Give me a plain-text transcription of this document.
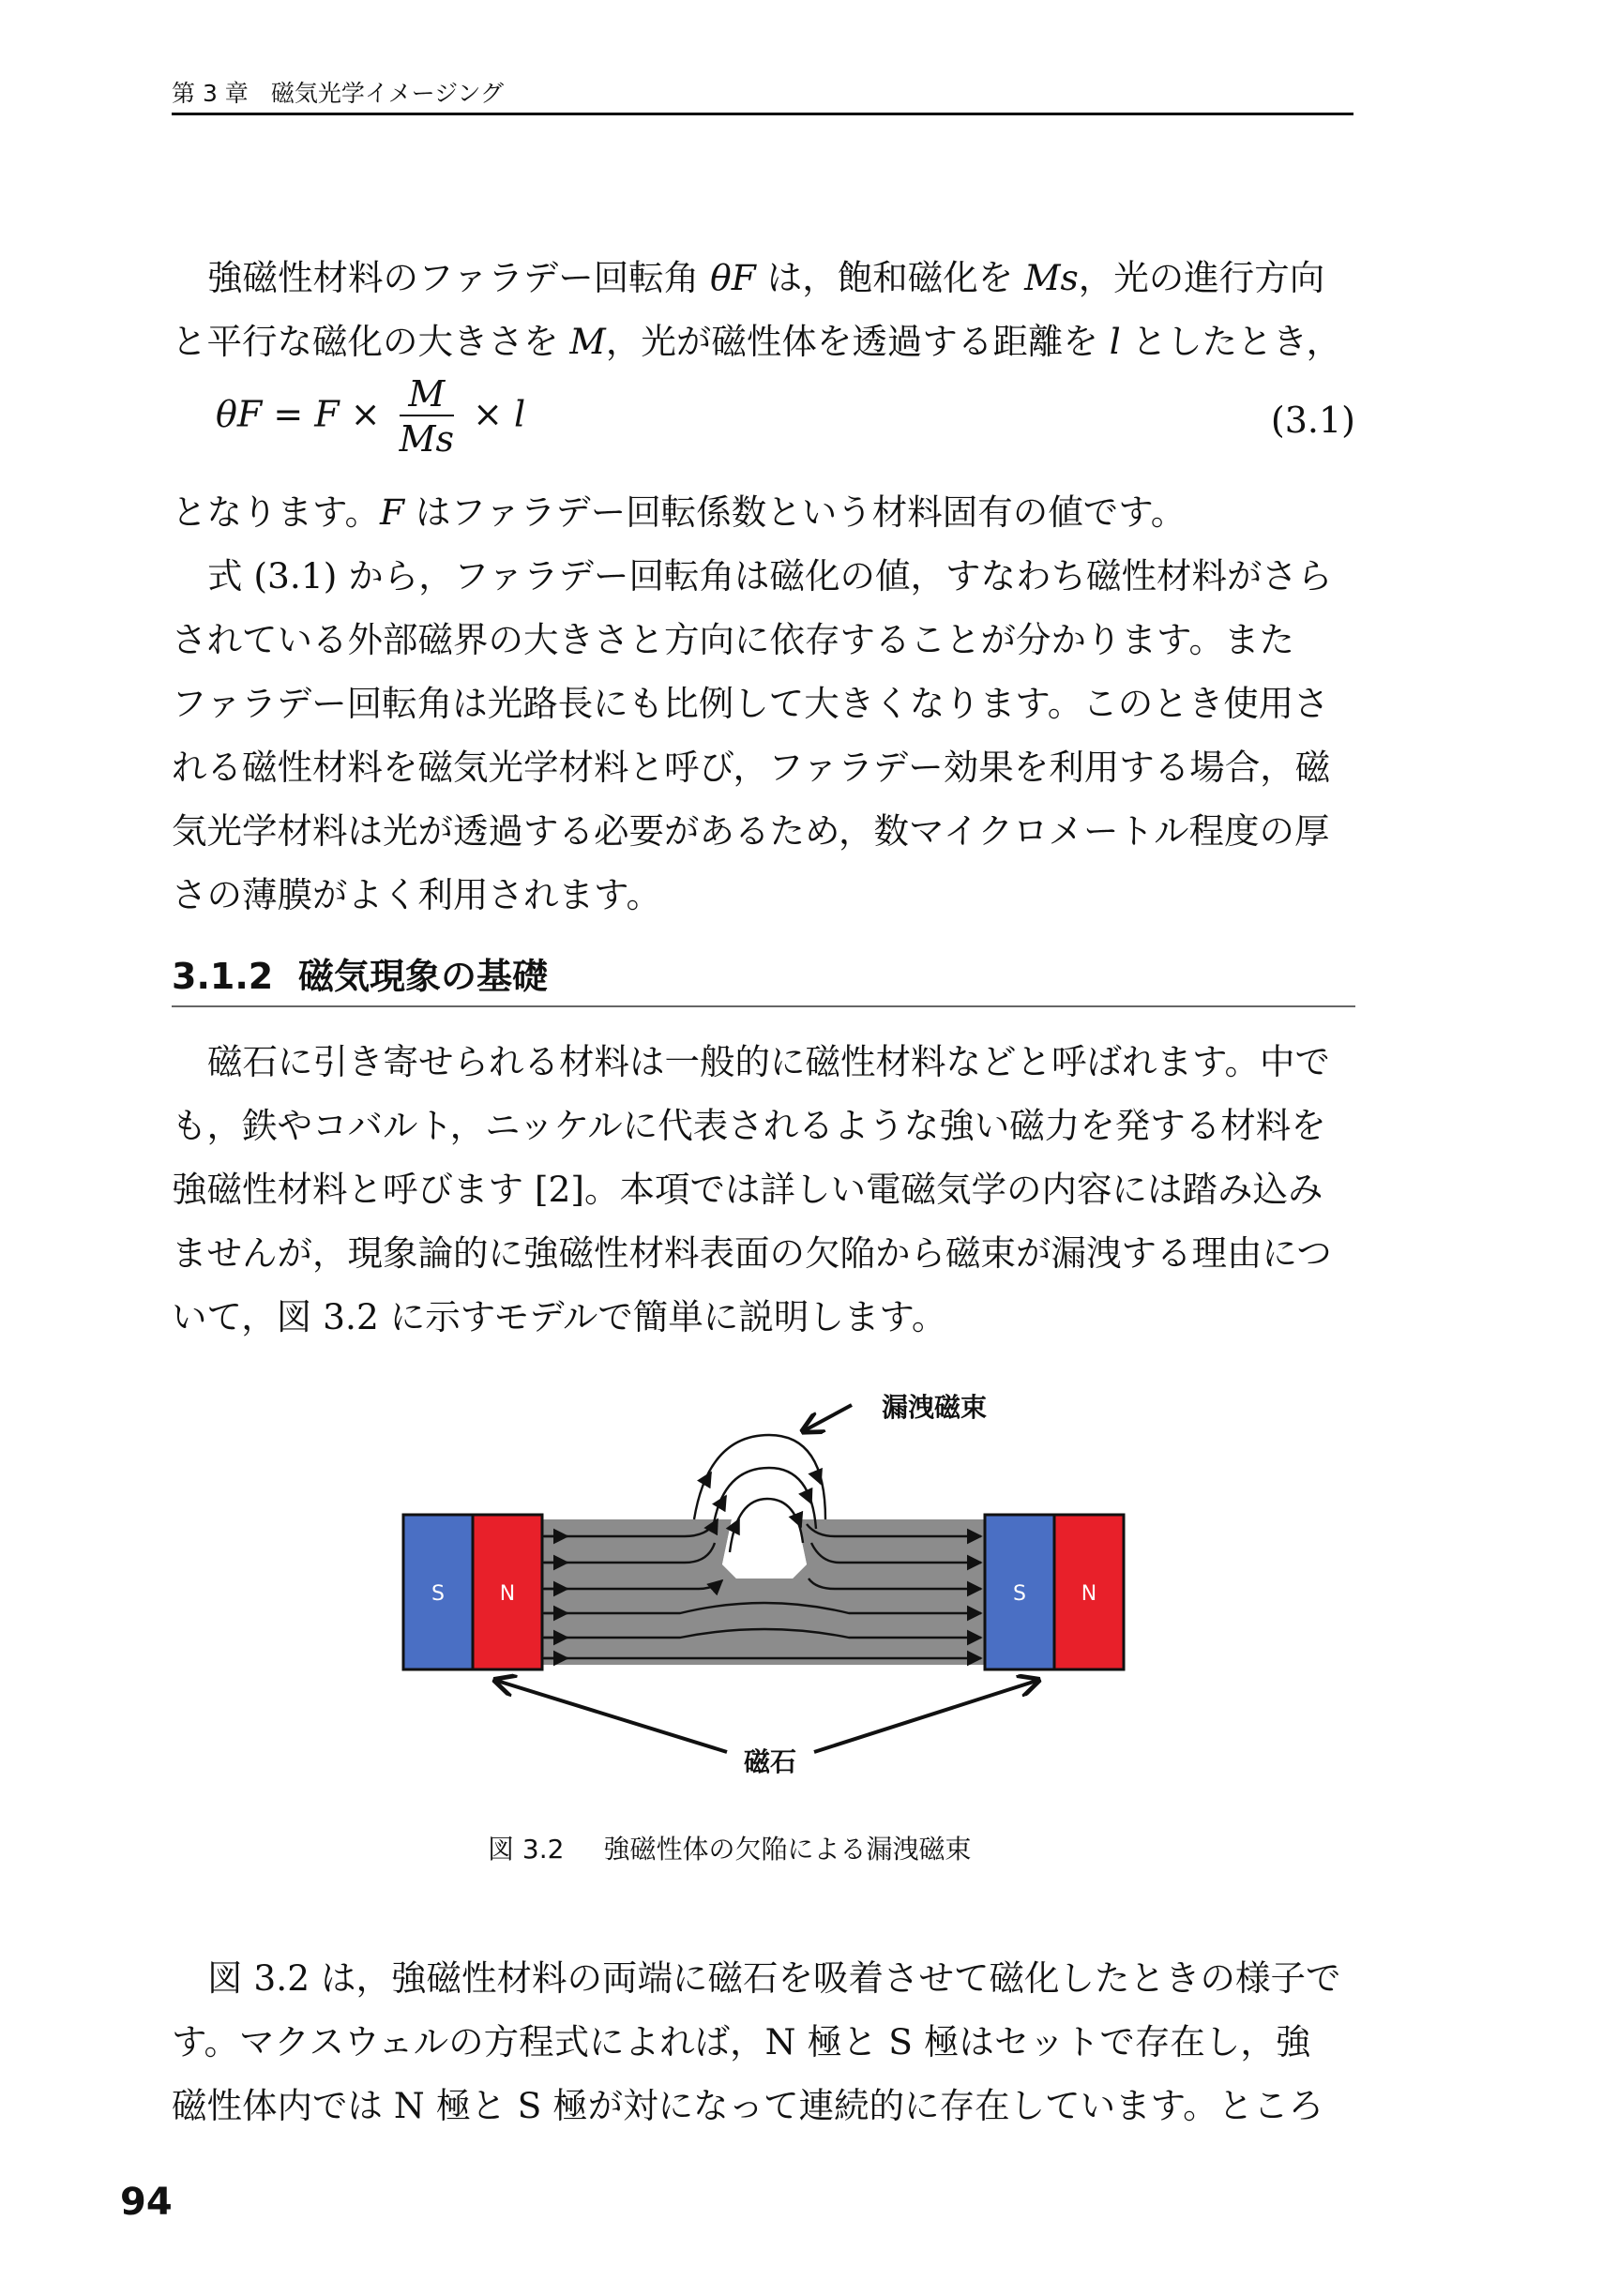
第 3 章 磁気光学イメージング
強磁性材料のファラデー回転角 θF は，飽和磁化を Ms，光の進行方向
と平行な磁化の大きさを M，光が磁性体を透過する距離を l としたとき，
$\theta F = F \times \frac{M}{Ms} \times l$	(3.1)
となります。F はファラデー回転係数という材料固有の値です。
式 (3.1) から，ファラデー回転角は磁化の値，すなわち磁性材料がさら
されている外部磁界の大きさと方向に依存することが分かります。また
ファラデー回転角は光路長にも比例して大きくなります。このとき使用さ
れる磁性材料を磁気光学材料と呼び，ファラデー効果を利用する場合，磁
気光学材料は光が透過する必要があるため，数マイクロメートル程度の厚
さの薄膜がよく利用されます。
3.1.2 磁気現象の基礎
磁石に引き寄せられる材料は一般的に磁性材料などと呼ばれます。中で
も，鉄やコバルト，ニッケルに代表されるような強い磁力を発する材料を
強磁性材料と呼びます [2]。本項では詳しい電磁気学の内容には踏み込み
ませんが，現象論的に強磁性材料表面の欠陥から磁束が漏洩する理由につ
いて，図 3.2 に示すモデルで簡単に説明します。
S	N	S	N
漏洩磁束
磁石
図 3.2 強磁性体の欠陥による漏洩磁束
図 3.2 は，強磁性材料の両端に磁石を吸着させて磁化したときの様子で
す。マクスウェルの方程式によれば，N 極と S 極はセットで存在し，強
磁性体内では N 極と S 極が対になって連続的に存在しています。ところ
94
